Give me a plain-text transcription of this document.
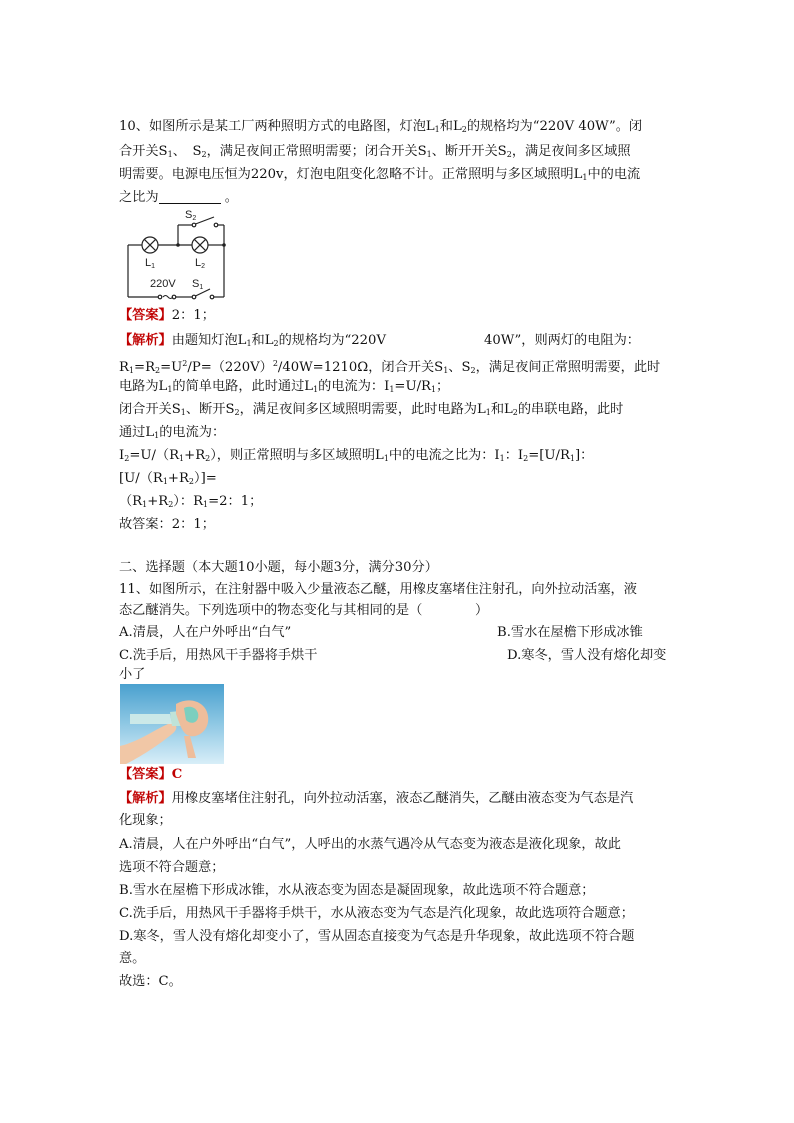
10、如图所示是某工厂两种照明方式的电路图，灯泡$L_1$和$L_2$的规格均为“220V 40W”。闭
合开关$S_1$、　$S_2$，满足夜间正常照明需要；闭合开关$S_1$、断开开关$S_2$，满足夜间多区域照
明需要。电源电压恒为220v，灯泡电阻变化忽略不计。正常照明与多区域照明$L_1$中的电流
之比为	。
S2
L1	L2
220V S1
【答案】2：1；
【解析】由题知灯泡$L_1$和$L_2$的规格均为“220V	40W”，则两灯的电阻为：
$R_1=R_2=U^2/P=(220V)^2/40W=1210\Omega$，闭合开关$S_1$、$S_2$，满足夜间正常照明需要，此时
电路为$L_1$的简单电路，此时通过$L_1$的电流为：$I_1=U/R_1$；
闭合开关$S_1$、断开$S_2$，满足夜间多区域照明需要，此时电路为$L_1$和$L_2$的串联电路，此时
通过$L_1$的电流为：
$I_2=U/(R_1+R_2)$，则正常照明与多区域照明$L_1$中的电流之比为：$I_1$：$I_2=[U/R_1]$：
$[U/(R_1+R_2)]=$
$(R_1+R_2)$：$R_1=2$：1；
故答案：2：1；
二、选择题（本大题10小题，每小题3分，满分30分）
11、如图所示，在注射器中吸入少量液态乙醚，用橡皮塞堵住注射孔，向外拉动活塞，液
态乙醚消失。下列选项中的物态变化与其相同的是（　　　　）
A.清晨，人在户外呼出“白气”	B.雪水在屋檐下形成冰锥
C.洗手后，用热风干手器将手烘干	D.寒冬，雪人没有熔化却变
小了
【答案】C
【解析】用橡皮塞堵住注射孔，向外拉动活塞，液态乙醚消失，乙醚由液态变为气态是汽
化现象；
A.清晨，人在户外呼出“白气”，人呼出的水蒸气遇冷从气态变为液态是液化现象，故此
选项不符合题意；
B.雪水在屋檐下形成冰锥，水从液态变为固态是凝固现象，故此选项不符合题意；
C.洗手后，用热风干手器将手烘干，水从液态变为气态是汽化现象，故此选项符合题意；
D.寒冬，雪人没有熔化却变小了，雪从固态直接变为气态是升华现象，故此选项不符合题
意。
故选：C。
